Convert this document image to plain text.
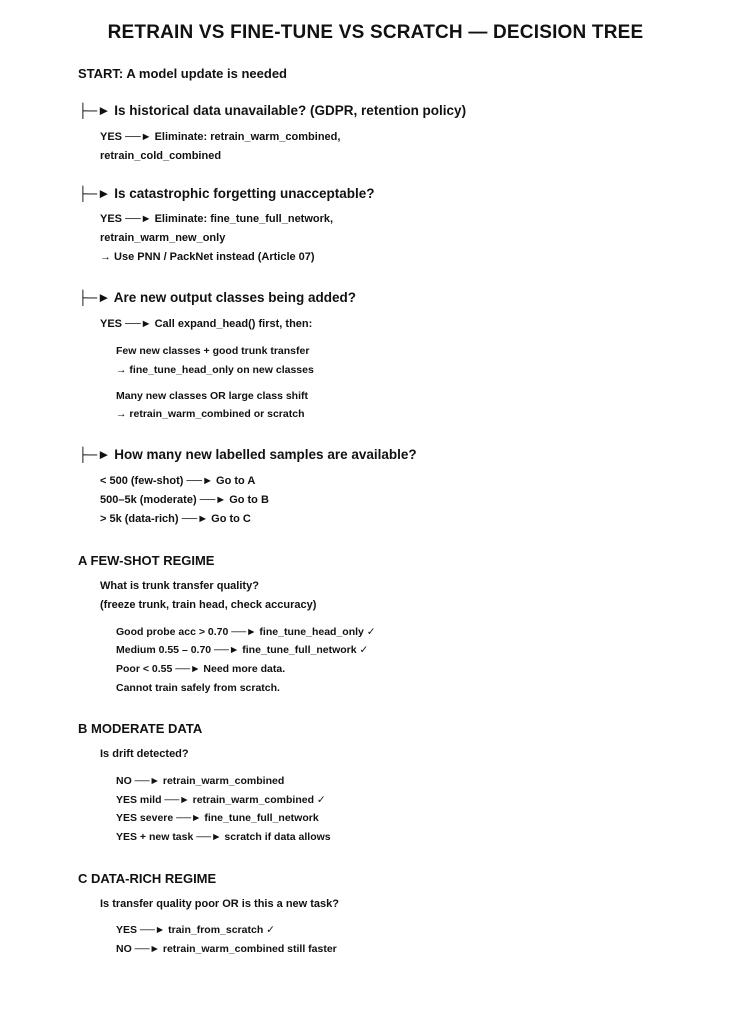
RETRAIN VS FINE-TUNE VS SCRATCH — DECISION TREE
START: A model update is needed
├─► Is historical data unavailable? (GDPR, retention policy)
YES ──► Eliminate: retrain_warm_combined,
retrain_cold_combined
├─► Is catastrophic forgetting unacceptable?
YES ──► Eliminate: fine_tune_full_network,
retrain_warm_new_only
→ Use PNN / PackNet instead (Article 07)
├─► Are new output classes being added?
YES ──► Call expand_head() first, then:
Few new classes + good trunk transfer
→ fine_tune_head_only on new classes
Many new classes OR large class shift
→ retrain_warm_combined or scratch
├─► How many new labelled samples are available?
< 500 (few-shot) ──► Go to A
500–5k (moderate) ──► Go to B
> 5k (data-rich) ──► Go to C
A FEW-SHOT REGIME
What is trunk transfer quality?
(freeze trunk, train head, check accuracy)
Good probe acc > 0.70 ──► fine_tune_head_only ✓
Medium 0.55 – 0.70 ──► fine_tune_full_network ✓
Poor < 0.55 ──► Need more data.
Cannot train safely from scratch.
B MODERATE DATA
Is drift detected?
NO ──► retrain_warm_combined
YES mild ──► retrain_warm_combined ✓
YES severe ──► fine_tune_full_network
YES + new task ──► scratch if data allows
C DATA-RICH REGIME
Is transfer quality poor OR is this a new task?
YES ──► train_from_scratch ✓
NO ──► retrain_warm_combined still faster
